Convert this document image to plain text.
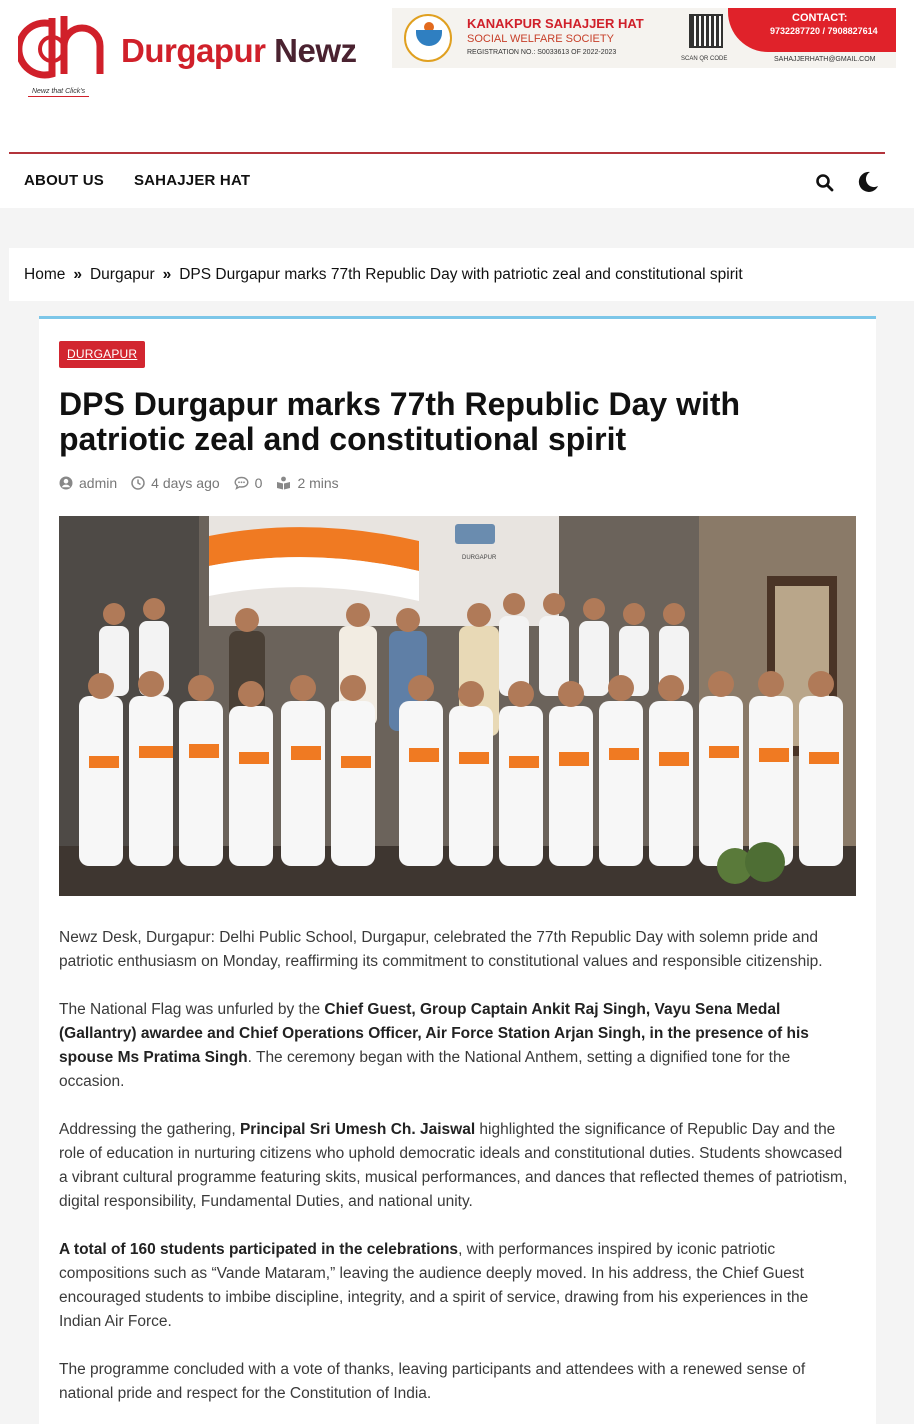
Durgapur Newz
Newz that Click's
KANAKPUR SAHAJJER HAT
SOCIAL WELFARE SOCIETY
REGISTRATION NO.: S0033613 OF 2022-2023
SCAN QR CODE
CONTACT:
9732287720 / 7908827614
SAHAJJERHATH@GMAIL.COM
ABOUT US SAHAJJER HAT
Home » Durgapur » DPS Durgapur marks 77th Republic Day with patriotic zeal and constitutional spirit
DURGAPUR
DPS Durgapur marks 77th Republic Day with patriotic zeal and constitutional spirit
admin 4 days ago	0	2 mins
DURGAPUR

Newz Desk, Durgapur: Delhi Public School, Durgapur, celebrated the 77th Republic Day with solemn pride and patriotic enthusiasm on Monday, reaffirming its commitment to constitutional values and responsible citizenship.

The National Flag was unfurled by the Chief Guest, Group Captain Ankit Raj Singh, Vayu Sena Medal (Gallantry) awardee and Chief Operations Officer, Air Force Station Arjan Singh, in the presence of his spouse Ms Pratima Singh. The ceremony began with the National Anthem, setting a dignified tone for the occasion.

Addressing the gathering, Principal Sri Umesh Ch. Jaiswal highlighted the significance of Republic Day and the role of education in nurturing citizens who uphold democratic ideals and constitutional duties. Students showcased a vibrant cultural programme featuring skits, musical performances, and dances that reflected themes of patriotism, digital responsibility, Fundamental Duties, and national unity.

A total of 160 students participated in the celebrations, with performances inspired by iconic patriotic compositions such as “Vande Mataram,” leaving the audience deeply moved. In his address, the Chief Guest encouraged students to imbibe discipline, integrity, and a spirit of service, drawing from his experiences in the Indian Air Force.

The programme concluded with a vote of thanks, leaving participants and attendees with a renewed sense of national pride and respect for the Constitution of India.
